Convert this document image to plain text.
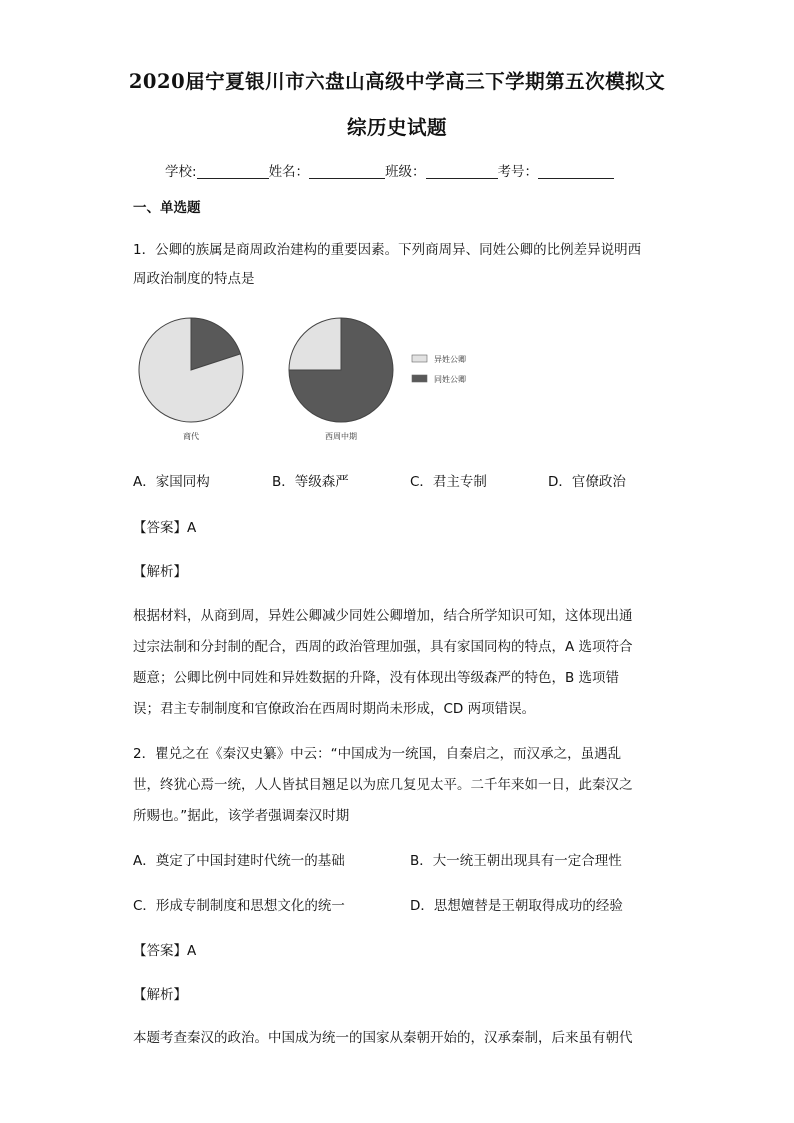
2020届宁夏银川市六盘山高级中学高三下学期第五次模拟文
综历史试题
学校:	姓名：	班级：	考号：
一、单选题
1．公卿的族属是商周政治建构的重要因素。下列商周异、同姓公卿的比例差异说明西
周政治制度的特点是
商代	西周中期
异姓公卿
同姓公卿
A．家国同构	B．等级森严	C．君主专制	D．官僚政治
【答案】A
【解析】
根据材料，从商到周，异姓公卿减少同姓公卿增加，结合所学知识可知，这体现出通
过宗法制和分封制的配合，西周的政治管理加强，具有家国同构的特点，A 选项符合
题意；公卿比例中同姓和异姓数据的升降，没有体现出等级森严的特色，B 选项错
误；君主专制制度和官僚政治在西周时期尚未形成，CD 两项错误。
2．瞿兑之在《秦汉史纂》中云：“中国成为一统国，自秦启之，而汉承之，虽遇乱
世，终犹心焉一统，人人皆拭目翘足以为庶几复见太平。二千年来如一日，此秦汉之
所赐也。”据此，该学者强调秦汉时期
A．奠定了中国封建时代统一的基础	B．大一统王朝出现具有一定合理性
C．形成专制制度和思想文化的统一	D．思想嬗替是王朝取得成功的经验
【答案】A
【解析】
本题考查秦汉的政治。中国成为统一的国家从秦朝开始的，汉承秦制，后来虽有朝代
